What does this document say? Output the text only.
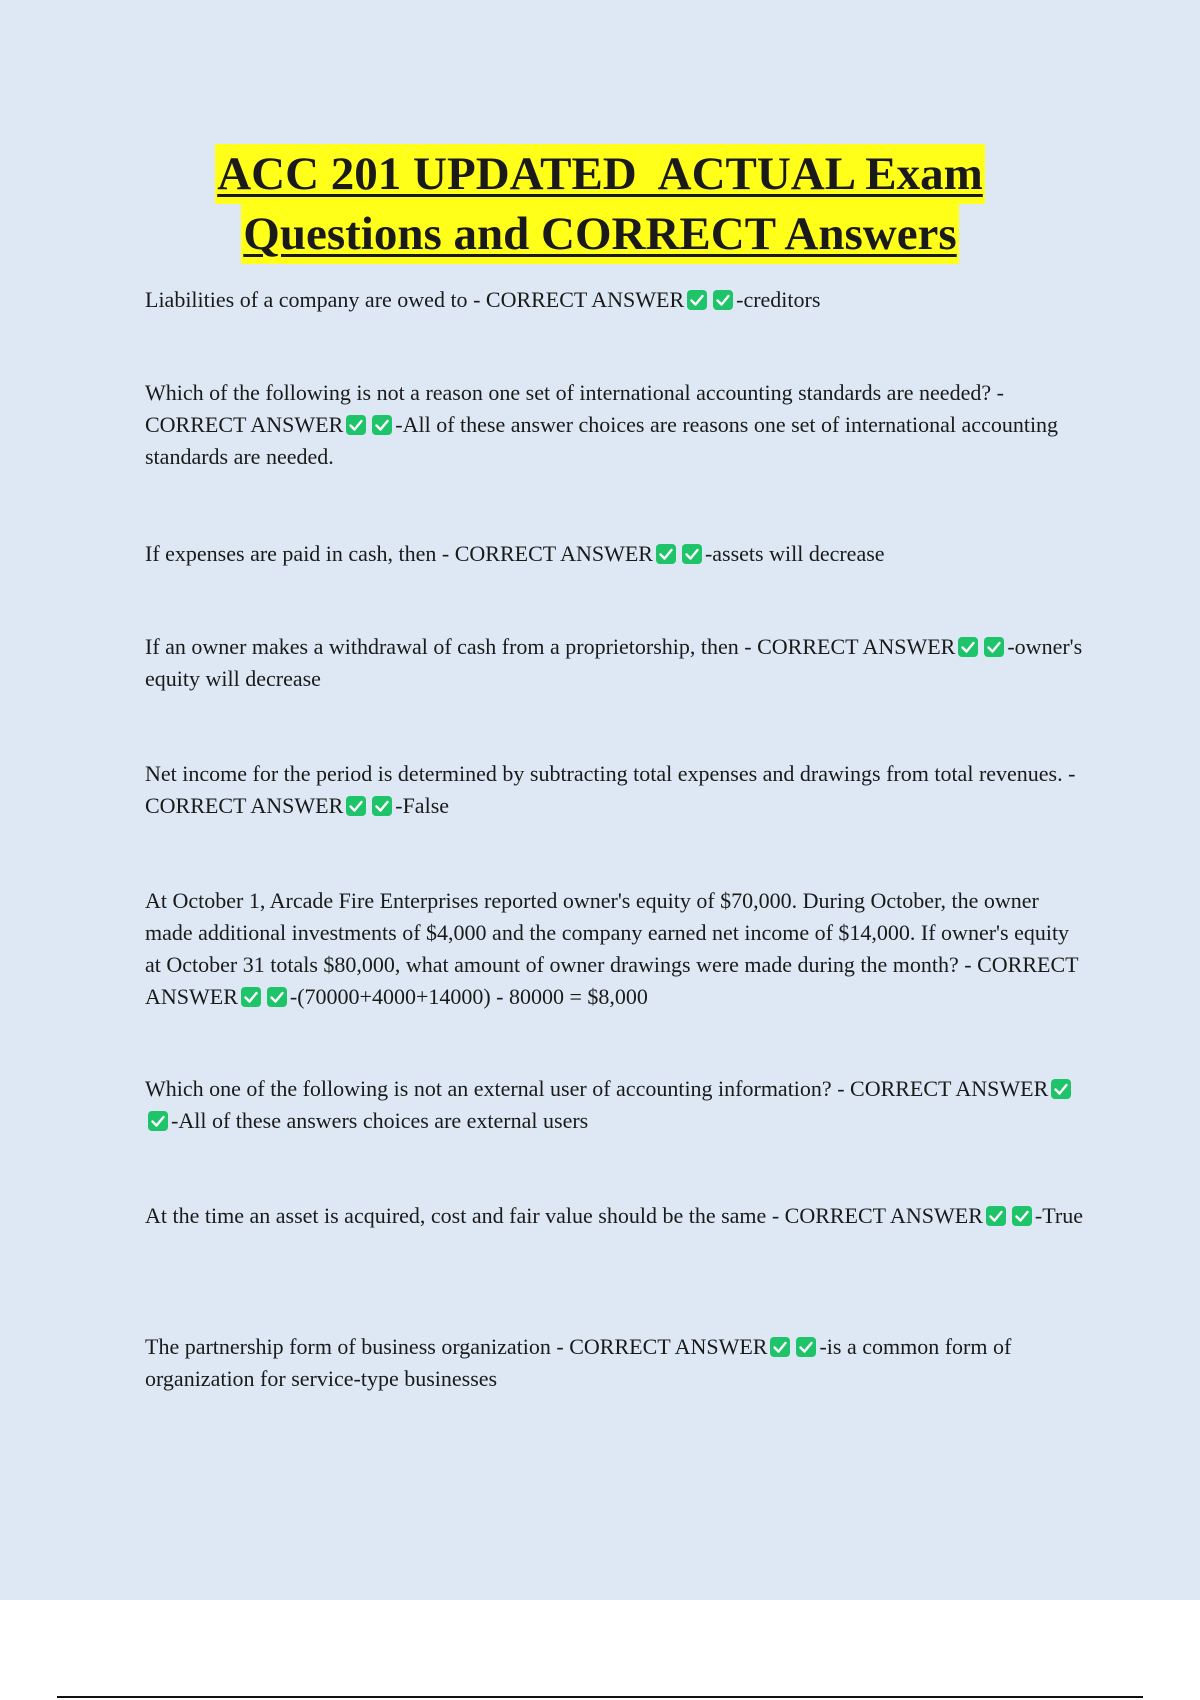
ACC 201 UPDATED  ACTUAL Exam
Questions and CORRECT Answers
Liabilities of a company are owed to - CORRECT ANSWER -creditors
Which of the following is not a reason one set of international accounting standards are needed? - CORRECT ANSWER -All of these answer choices are reasons one set of international accounting standards are needed.
If expenses are paid in cash, then - CORRECT ANSWER -assets will decrease
If an owner makes a withdrawal of cash from a proprietorship, then - CORRECT ANSWER -owner's equity will decrease
Net income for the period is determined by subtracting total expenses and drawings from total revenues. - CORRECT ANSWER -False
At October 1, Arcade Fire Enterprises reported owner's equity of $70,000. During October, the owner made additional investments of $4,000 and the company earned net income of $14,000. If owner's equity at October 31 totals $80,000, what amount of owner drawings were made during the month? - CORRECT ANSWER -(70000+4000+14000) - 80000 = $8,000
Which one of the following is not an external user of accounting information? - CORRECT ANSWER
-All of these answers choices are external users
At the time an asset is acquired, cost and fair value should be the same - CORRECT ANSWER -True
The partnership form of business organization - CORRECT ANSWER -is a common form of organization for service-type businesses
